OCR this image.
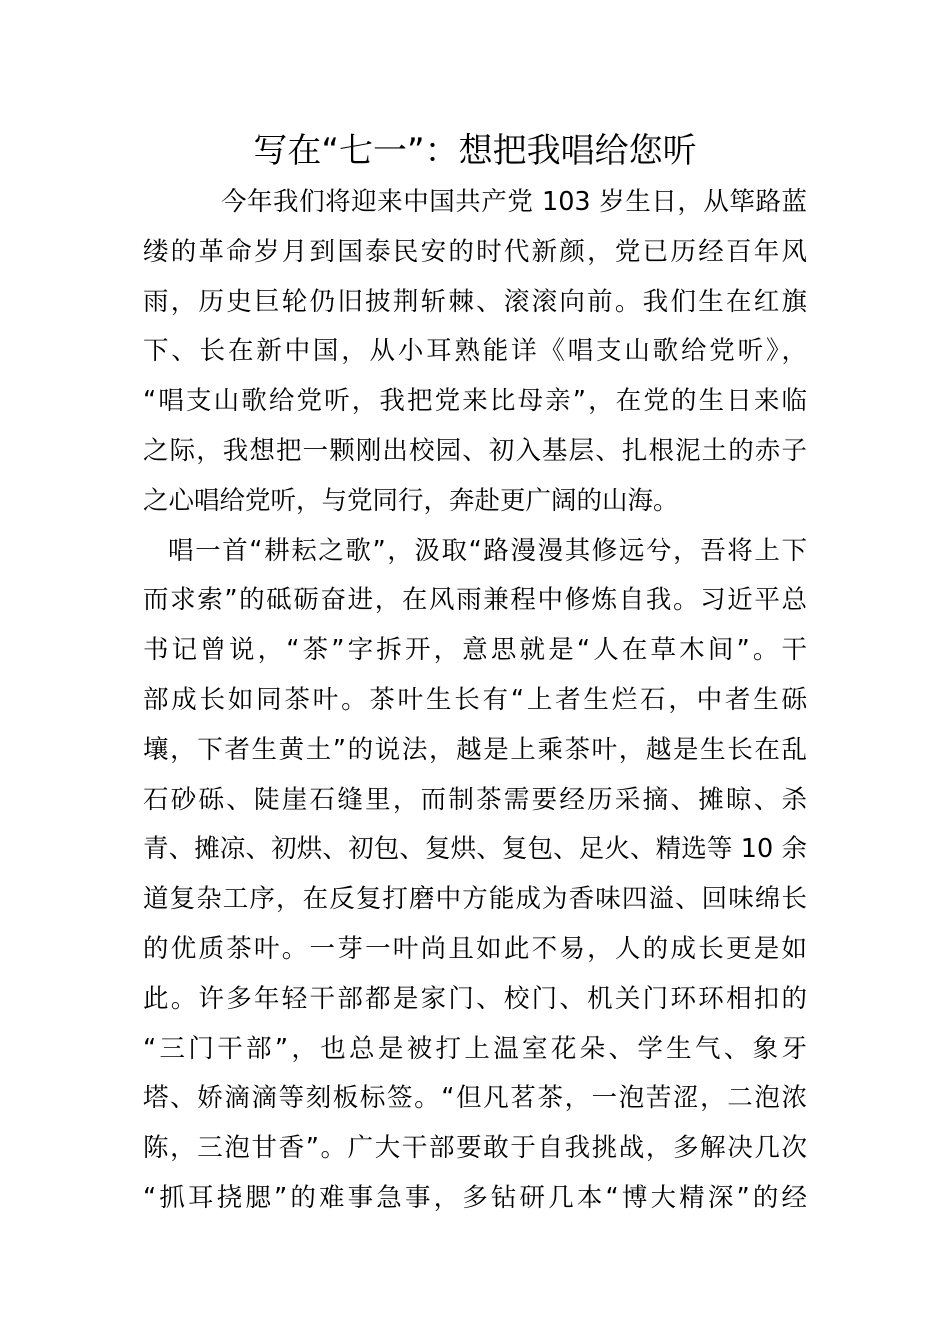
写在“七一”：想把我唱给您听
今年我们将迎来中国共产党 103 岁生日，从筚路蓝
缕的革命岁月到国泰民安的时代新颜，党已历经百年风
雨，历史巨轮仍旧披荆斩棘、滚滚向前。我们生在红旗
下、长在新中国，从小耳熟能详《唱支山歌给党听》，
“唱支山歌给党听，我把党来比母亲”，在党的生日来临
之际，我想把一颗刚出校园、初入基层、扎根泥土的赤子
之心唱给党听，与党同行，奔赴更广阔的山海。
唱一首“耕耘之歌”，汲取“路漫漫其修远兮，吾将上下
而求索”的砥砺奋进，在风雨兼程中修炼自我。习近平总
书记曾说，“茶”字拆开，意思就是“人在草木间”。干
部成长如同茶叶。茶叶生长有“上者生烂石，中者生砾
壤，下者生黄土”的说法，越是上乘茶叶，越是生长在乱
石砂砾、陡崖石缝里，而制茶需要经历采摘、摊晾、杀
青、摊凉、初烘、初包、复烘、复包、足火、精选等 10 余
道复杂工序，在反复打磨中方能成为香味四溢、回味绵长
的优质茶叶。一芽一叶尚且如此不易，人的成长更是如
此。许多年轻干部都是家门、校门、机关门环环相扣的
“三门干部”，也总是被打上温室花朵、学生气、象牙
塔、娇滴滴等刻板标签。“但凡茗茶，一泡苦涩，二泡浓
陈，三泡甘香”。广大干部要敢于自我挑战，多解决几次
“抓耳挠腮”的难事急事，多钻研几本“博大精深”的经
